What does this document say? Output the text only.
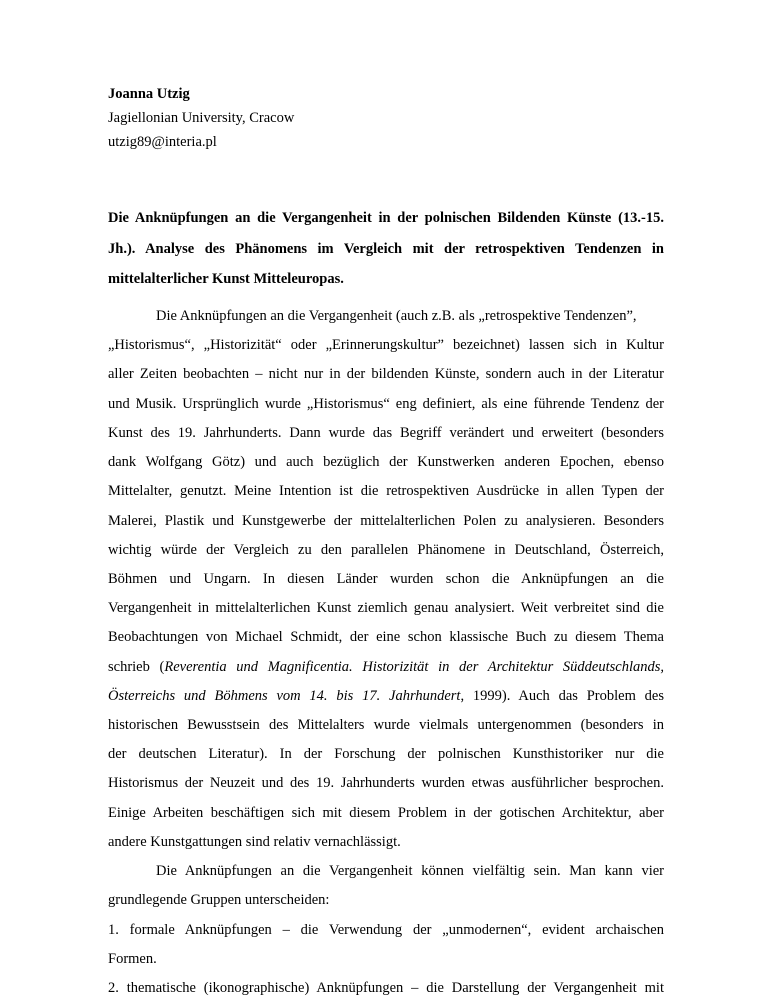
Joanna Utzig
Jagiellonian University, Cracow
utzig89@interia.pl
Die Anknüpfungen an die Vergangenheit in der polnischen Bildenden Künste (13.-15.
Jh.). Analyse des Phänomens im Vergleich mit der retrospektiven Tendenzen in
mittelalterlicher Kunst Mitteleuropas.
Die Anknüpfungen an die Vergangenheit (auch z.B. als „retrospektive Tendenzen”,
„Historismus“, „Historizität“ oder „Erinnerungskultur” bezeichnet) lassen sich in Kultur
aller Zeiten beobachten – nicht nur in der bildenden Künste, sondern auch in der Literatur
und Musik. Ursprünglich wurde „Historismus“ eng definiert, als eine führende Tendenz der
Kunst des 19. Jahrhunderts. Dann wurde das Begriff verändert und erweitert (besonders
dank Wolfgang Götz) und auch bezüglich der Kunstwerken anderen Epochen, ebenso
Mittelalter, genutzt. Meine Intention ist die retrospektiven Ausdrücke in allen Typen der
Malerei, Plastik und Kunstgewerbe der mittelalterlichen Polen zu analysieren. Besonders
wichtig würde der Vergleich zu den parallelen Phänomene in Deutschland, Österreich,
Böhmen und Ungarn. In diesen Länder wurden schon die Anknüpfungen an die
Vergangenheit in mittelalterlichen Kunst ziemlich genau analysiert. Weit verbreitet sind die
Beobachtungen von Michael Schmidt, der eine schon klassische Buch zu diesem Thema
schrieb (Reverentia und Magnificentia. Historizität in der Architektur Süddeutschlands,
Österreichs und Böhmens vom 14. bis 17. Jahrhundert, 1999). Auch das Problem des
historischen Bewusstsein des Mittelalters wurde vielmals untergenommen (besonders in
der deutschen Literatur). In der Forschung der polnischen Kunsthistoriker nur die
Historismus der Neuzeit und des 19. Jahrhunderts wurden etwas ausführlicher besprochen.
Einige Arbeiten beschäftigen sich mit diesem Problem in der gotischen Architektur, aber
andere Kunstgattungen sind relativ vernachlässigt.
Die Anknüpfungen an die Vergangenheit können vielfältig sein. Man kann vier
grundlegende Gruppen unterscheiden:
1. formale Anknüpfungen – die Verwendung der „unmodernen“, evident archaischen
Formen.
2. thematische (ikonographische) Anknüpfungen – die Darstellung der Vergangenheit mit
